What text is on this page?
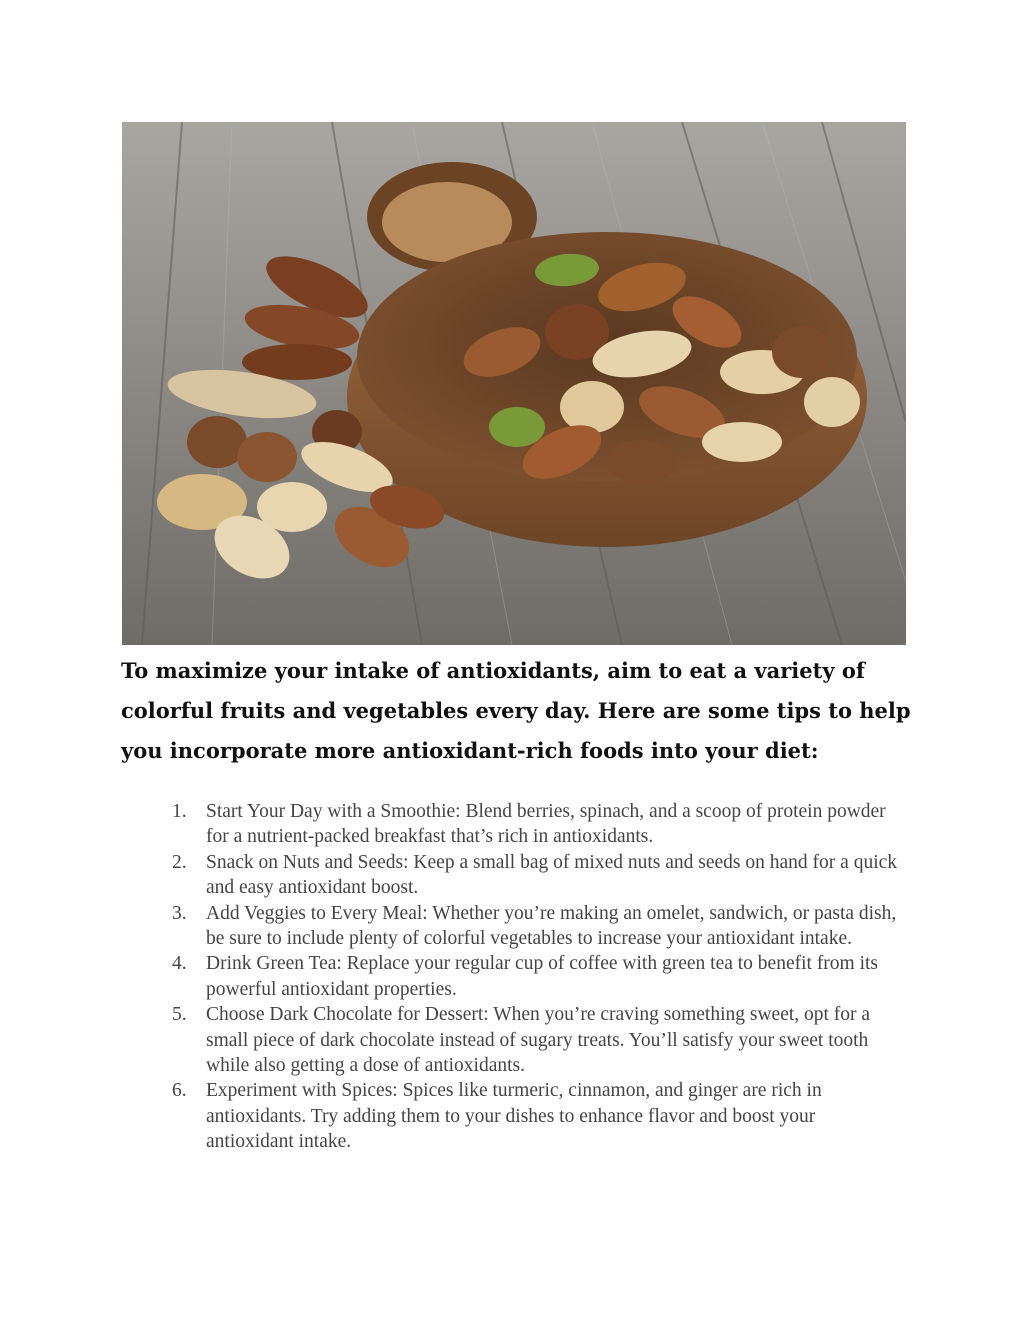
To maximize your intake of antioxidants, aim to eat a variety of colorful fruits and vegetables every day. Here are some tips to help you incorporate more antioxidant-rich foods into your diet:
1. Start Your Day with a Smoothie: Blend berries, spinach, and a scoop of protein powder for a nutrient-packed breakfast that’s rich in antioxidants.
2. Snack on Nuts and Seeds: Keep a small bag of mixed nuts and seeds on hand for a quick and easy antioxidant boost.
3. Add Veggies to Every Meal: Whether you’re making an omelet, sandwich, or pasta dish, be sure to include plenty of colorful vegetables to increase your antioxidant intake.
4. Drink Green Tea: Replace your regular cup of coffee with green tea to benefit from its powerful antioxidant properties.
5. Choose Dark Chocolate for Dessert: When you’re craving something sweet, opt for a small piece of dark chocolate instead of sugary treats. You’ll satisfy your sweet tooth while also getting a dose of antioxidants.
6. Experiment with Spices: Spices like turmeric, cinnamon, and ginger are rich in antioxidants. Try adding them to your dishes to enhance flavor and boost your antioxidant intake.
